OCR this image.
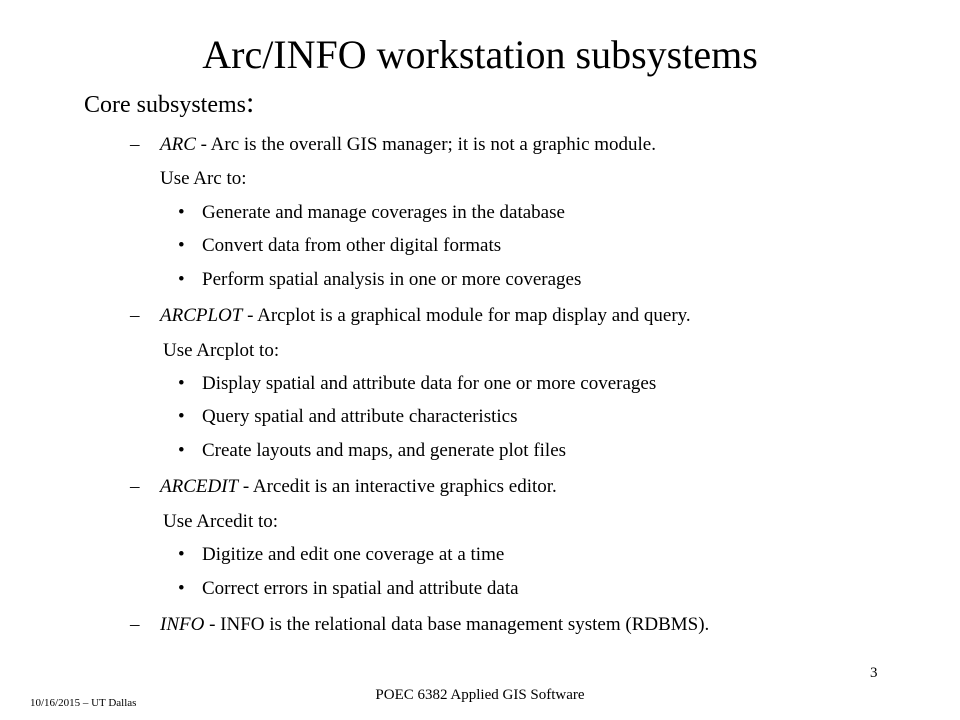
Arc/INFO workstation subsystems
Core subsystems:
– ARC - Arc is the overall GIS manager; it is not a graphic module.
Use Arc to:
• Generate and manage coverages in the database
• Convert data from other digital formats
• Perform spatial analysis in one or more coverages
– ARCPLOT - Arcplot is a graphical module for map display and query.
Use Arcplot to:
• Display spatial and attribute data for one or more coverages
• Query spatial and attribute characteristics
• Create layouts and maps, and generate plot files
– ARCEDIT - Arcedit is an interactive graphics editor.
Use Arcedit to:
• Digitize and edit one coverage at a time
• Correct errors in spatial and attribute data
– INFO - INFO is the relational data base management system (RDBMS).
3
POEC 6382 Applied GIS Software
10/16/2015 – UT Dallas
